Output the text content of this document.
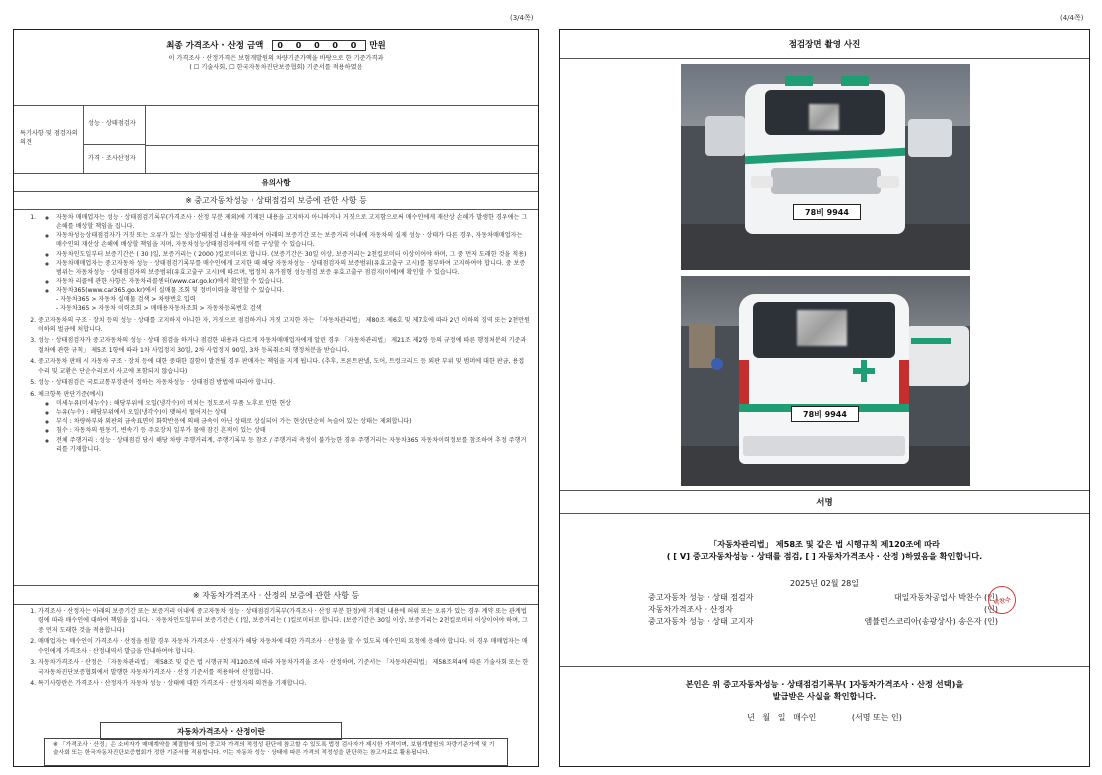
(3/4쪽)	(4/4쪽)
최종 가격조사 · 산정 금액 0 0 0 0 0 만원
이 가격조사 · 산정가격은 보험개발원의 차량기준가액을 바탕으로 한 기준가격과
( ☐ 기술사회, ☐ 한국자동차진단보증협회) 기준서를 적용하였음
특기사항 및 점검자의 의견
성능 · 상태점검자
가격 · 조사산정자
유의사항
※ 중고자동차성능 · 상태점검의 보증에 관한 사항 등
◦ 1. 자동차 매매업자는 성능 · 상태점검기록부(가격조사 · 산정 부분 제외)에 기재된 내용을 고지하지 아니하거나 거짓으로 고지함으로써 매수인에게 재산상 손해가 발생한 경우에는 그 손해를 배상할 책임을 집니다.
◦ 자동차성능상태점검자가 거짓 또는 오류가 있는 성능상태점검 내용을 제공하여 아래의 보증기간 또는 보증거리 이내에 자동차의 실제 성능 · 상태가 다른 경우, 자동차매매업자는 매수인의 재산상 손해에 배상할 책임을 지며, 자동차성능상태점검자에게 이를 구상할 수 있습니다.
◦ 자동차인도일부터 보증기간은 ( 30 )일, 보증거리는 ( 2000 )킬로미터로 합니다. (보증기간은 30일 이상, 보증거리는 2천킬로미터 이상이어야 하며, 그 중 먼저 도래한 것을 적용)
◦ 자동차매매업자는 중고자동차 성능 · 상태점검기록부를 매수인에게 고지한 때 해당 자동차성능 · 상태점검자의 보증범위(유효고출구 고시)를 첨부하여 고지하여야 합니다. 중 보증범위는 자동차성능 · 상태점검자의 보증범위(유효고출구 고시)에 따르며, 법정치 유가점형 성능점검 보증 유효고출구 점검지(이에)에 확인할 수 있습니다.
◦ 자동차 리콜에 관한 사항은 자동차리콜센터(www.car.go.kr)에서 확인할 수 있습니다.
◦ 자동차365(www.car365.go.kr)에서 실매물 조회 및 정비이력을 확인할 수 있습니다.
- 자동차365 > 자동차 실매물 검색 > 차량번호 입력
- 자동차365 > 자동차 이력조회 > 매매용자동차조회 > 자동차등록번호 검색
2. 중고자동차의 구조 · 장치 등의 성능 · 상태를 고지하지 아니한 자, 거짓으로 점검하거나 거짓 고지한 자는 「자동차관리법」 제80조 제6호 및 제7호에 따라 2년 이하의 징역 또는 2천만원 이하의 벌금에 처합니다.
3. 성능 · 상태점검자가 중고자동차의 성능 · 상태 점검을 하거나 점검한 내용과 다르게 자동차매매업자에게 알린 경우 「자동차관리법」 제21조 제2항 등의 규정에 따른 행정처분의 기준과 절차에 관한 규칙」 제5조 1항에 따라 1차 사업정지 30일, 2차 사업정지 90일, 3차 등록취소의 행정처분을 받습니다.
4. 중고자동차 판매 시 자동차 구조 · 장치 등에 대한 중대한 결함이 발견될 경우 판매자는 책임을 지게 됩니다. (추후, 프론트판넬, 도어, 트렁크리드 등 외판 부위 및 범퍼에 대한 판금, 용접수리 및 교환은 단순수리로서 사고에 포함되지 않습니다)
5. 성능 · 상태점검은 국토교통부장관이 정하는 자동차성능 · 상태점검 방법에 따라야 합니다.
6. 체크항목 판단기준(예시)
◦ 미세누유(미세누수) : 해당부위에 오일(냉각수)이 비치는 정도로서 부품 노후로 인한 현상
◦ 누유(누수) : 해당부위에서 오일(냉각수)이 맺혀서 떨어지는 상태
◦ 부식 : 차량하부와 외판의 금속표면이 화학반응에 의해 금속이 아닌 상태로 상실되어 가는 현상(단순히 녹슬어 있는 상태는 제외합니다)
◦ 침수 : 자동차의 원동기, 변속기 등 주요장치 일부가 물에 잠긴 흔적이 있는 상태
◦ 전체 주행거리 : 성능 · 상태점검 당시 해당 차량 주행거리계, 주행기록부 등 참조 / 주행거리 측정이 불가능한 경우 주행거리는 자동차365 자동차이력정보를 참조하여 추정 주행거리를 기재합니다.
※ 자동차가격조사 · 산정의 보증에 관한 사항 등
1. 가격조사 · 산정자는 아래의 보증기간 또는 보증거리 이내에 중고자동차 성능 · 상태점검기록부(가격조사 · 산정 부분 한정)에 기재된 내용에 허위 또는 오류가 있는 경우 계약 또는 관계법령에 따라 매수인에 대하여 책임을 집니다. · 자동차인도일부터 보증기간은 ( )일, 보증거리는 ( )킬로미터로 합니다. (보증기간은 30일 이상, 보증거리는 2천킬로미터 이상이어야 하며, 그 중 먼저 도래한 것을 적용합니다)
2. 매매업자는 매수인이 가격조사 · 산정을 원할 경우 자동차 가격조사 · 산정자가 해당 자동차에 대한 가격조사 · 산정을 할 수 있도록 매수인의 요청에 응해야 합니다. 이 경우 매매업자는 매수인에게 가격조사 · 산정내역서 발급을 안내하여야 합니다.
3. 자동차가격조사 · 산정은 「자동차관리법」 제58조 및 같은 법 시행규칙 제120조에 따라 자동차가격을 조사 · 산정하며, 기준서는 「자동차관리법」 제58조의4에 따른 기술사회 또는 한국자동차진단보증협회에서 발행한 자동차가격조사 · 산정 기준서를 적용하여 산정합니다.
4. 특기사항란은 가격조사 · 산정자가 자동차 성능 · 상태에 대한 가격조사 · 산정자의 의견을 기재합니다.
자동차가격조사 · 산정이란
※ 「가격조사 · 산정」은 소비자가 매매계약을 체결함에 있어 중고차 가격의 적정성 판단에 참고할 수 있도록 법정 검사자가 제시한 가격이며, 보험개발원의 차량기준가액 및 기술사회 또는 한국자동차진단보증협회가 정한 기준서를 적용합니다. 이는 자동차 성능 · 상태에 따른 가격의 적정성을 판단하는 참고자료로 활용됩니다.
점검장면 촬영 사진
78비 9944
78비 9944
서명
「자동차관리법」 제58조 및 같은 법 시행규칙 제120조에 따라
( [ V] 중고자동차성능 · 상태를 점검, [ ] 자동차가격조사 · 산정 )하였음을 확인합니다.
2025년 02월 28일
중고자동차 성능 · 상태 점검자	대일자동차공업사 박찬수 (인)
자동차가격조사 · 산정자	(인)
중고자동차 성능 · 상태 고지자	앰뷸런스코리아(송광상사) 송은자 (인)
박찬수
본인은 위 중고자동차성능 · 상태점검기록부( ]자동차가격조사 · 산정 선택)을
발급받은 사실을 확인합니다.
년   월   일   매수인              (서명 또는 인)
